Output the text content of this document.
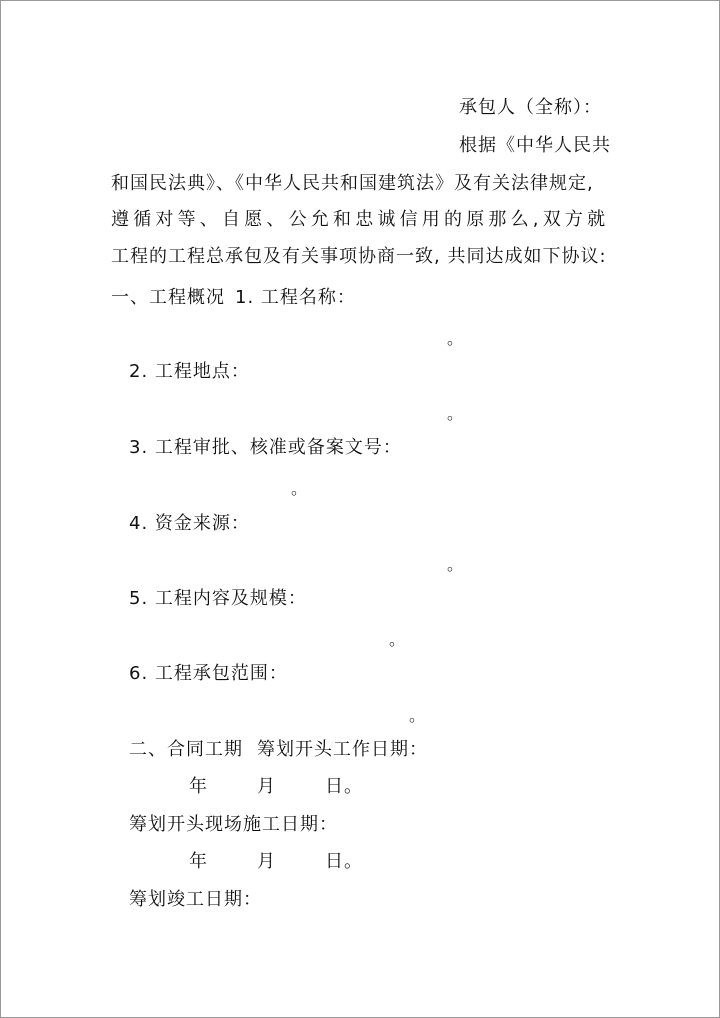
承包人（全称）：
根据《中华人民共
和国民法典》、《中华人民共和国建筑法》及有关法律规定,
遵循对等、自愿、公允和忠诚信用的原那么,双方就
工程的工程总承包及有关事项协商一致, 共同达成如下协议:
一、工程概况 1. 工程名称：
。
2. 工程地点：
。
3. 工程审批、核准或备案文号：
。
4. 资金来源：
。
5. 工程内容及规模：
。
6. 工程承包范围：
。
二、合同工期 筹划开头工作日期：
年	月	日。
筹划开头现场施工日期：
年	月	日。
筹划竣工日期：
